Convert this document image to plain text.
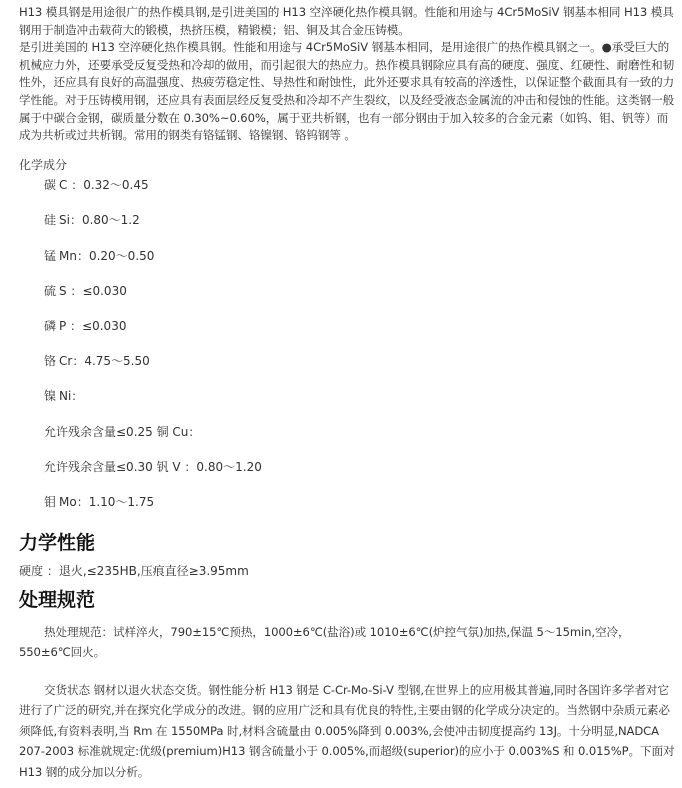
H13 模具钢是用途很广的热作模具钢,是引进美国的 H13 空淬硬化热作模具钢。性能和用途与 4Cr5MoSiV 钢基本相同 H13 模具钢用于制造冲击载荷大的锻模，热挤压模，精锻模；铝、铜及其合金压铸模。

是引进美国的 H13 空淬硬化热作模具钢。性能和用途与 4Cr5MoSiV 钢基本相同，是用途很广的热作模具钢之一。●承受巨大的机械应力外，还要承受反复受热和冷却的做用，而引起很大的热应力。热作模具钢除应具有高的硬度、强度、红硬性、耐磨性和韧性外，还应具有良好的高温强度、热疲劳稳定性、导热性和耐蚀性，此外还要求具有较高的淬透性，以保证整个截面具有一致的力学性能。对于压铸模用钢，还应具有表面层经反复受热和冷却不产生裂纹，以及经受液态金属流的冲击和侵蚀的性能。这类钢一般属于中碳合金钢，碳质量分数在 0.30%~0.60%，属于亚共析钢，也有一部分钢由于加入较多的合金元素（如钨、钼、钒等）而成为共析或过共析钢。常用的钢类有铬锰钢、铬镍钢、铬钨钢等 。

化学成分
碳 C ：0.32～0.45
硅 Si：0.80～1.2
锰 Mn：0.20～0.50
硫 S ：≤0.030
磷 P ：≤0.030
铬 Cr：4.75～5.50
镍 Ni：
允许残余含量≤0.25 铜 Cu：
允许残余含量≤0.30 钒 V ：0.80～1.20
钼 Mo：1.10～1.75
力学性能
硬度 ：退火,≤235HB,压痕直径≥3.95mm
处理规范

热处理规范：试样淬火，790±15℃预热，1000±6℃(盐浴)或 1010±6℃(炉控气氛)加热,保温 5～15min,空冷，550±6℃回火。

交货状态 钢材以退火状态交货。钢性能分析 H13 钢是 C-Cr-Mo-Si-V 型钢,在世界上的应用极其普遍,同时各国许多学者对它进行了广泛的研究,并在探究化学成分的改进。钢的应用广泛和具有优良的特性,主要由钢的化学成分决定的。当然钢中杂质元素必须降低,有资料表明,当 Rm 在 1550MPa 时,材料含硫量由 0.005%降到 0.003%,会使冲击韧度提高约 13J。十分明显,NADCA 207-2003 标准就规定:优级(premium)H13 钢含硫量小于 0.005%,而超级(superior)的应小于 0.003%S 和 0.015%P。下面对 H13 钢的成分加以分析。
